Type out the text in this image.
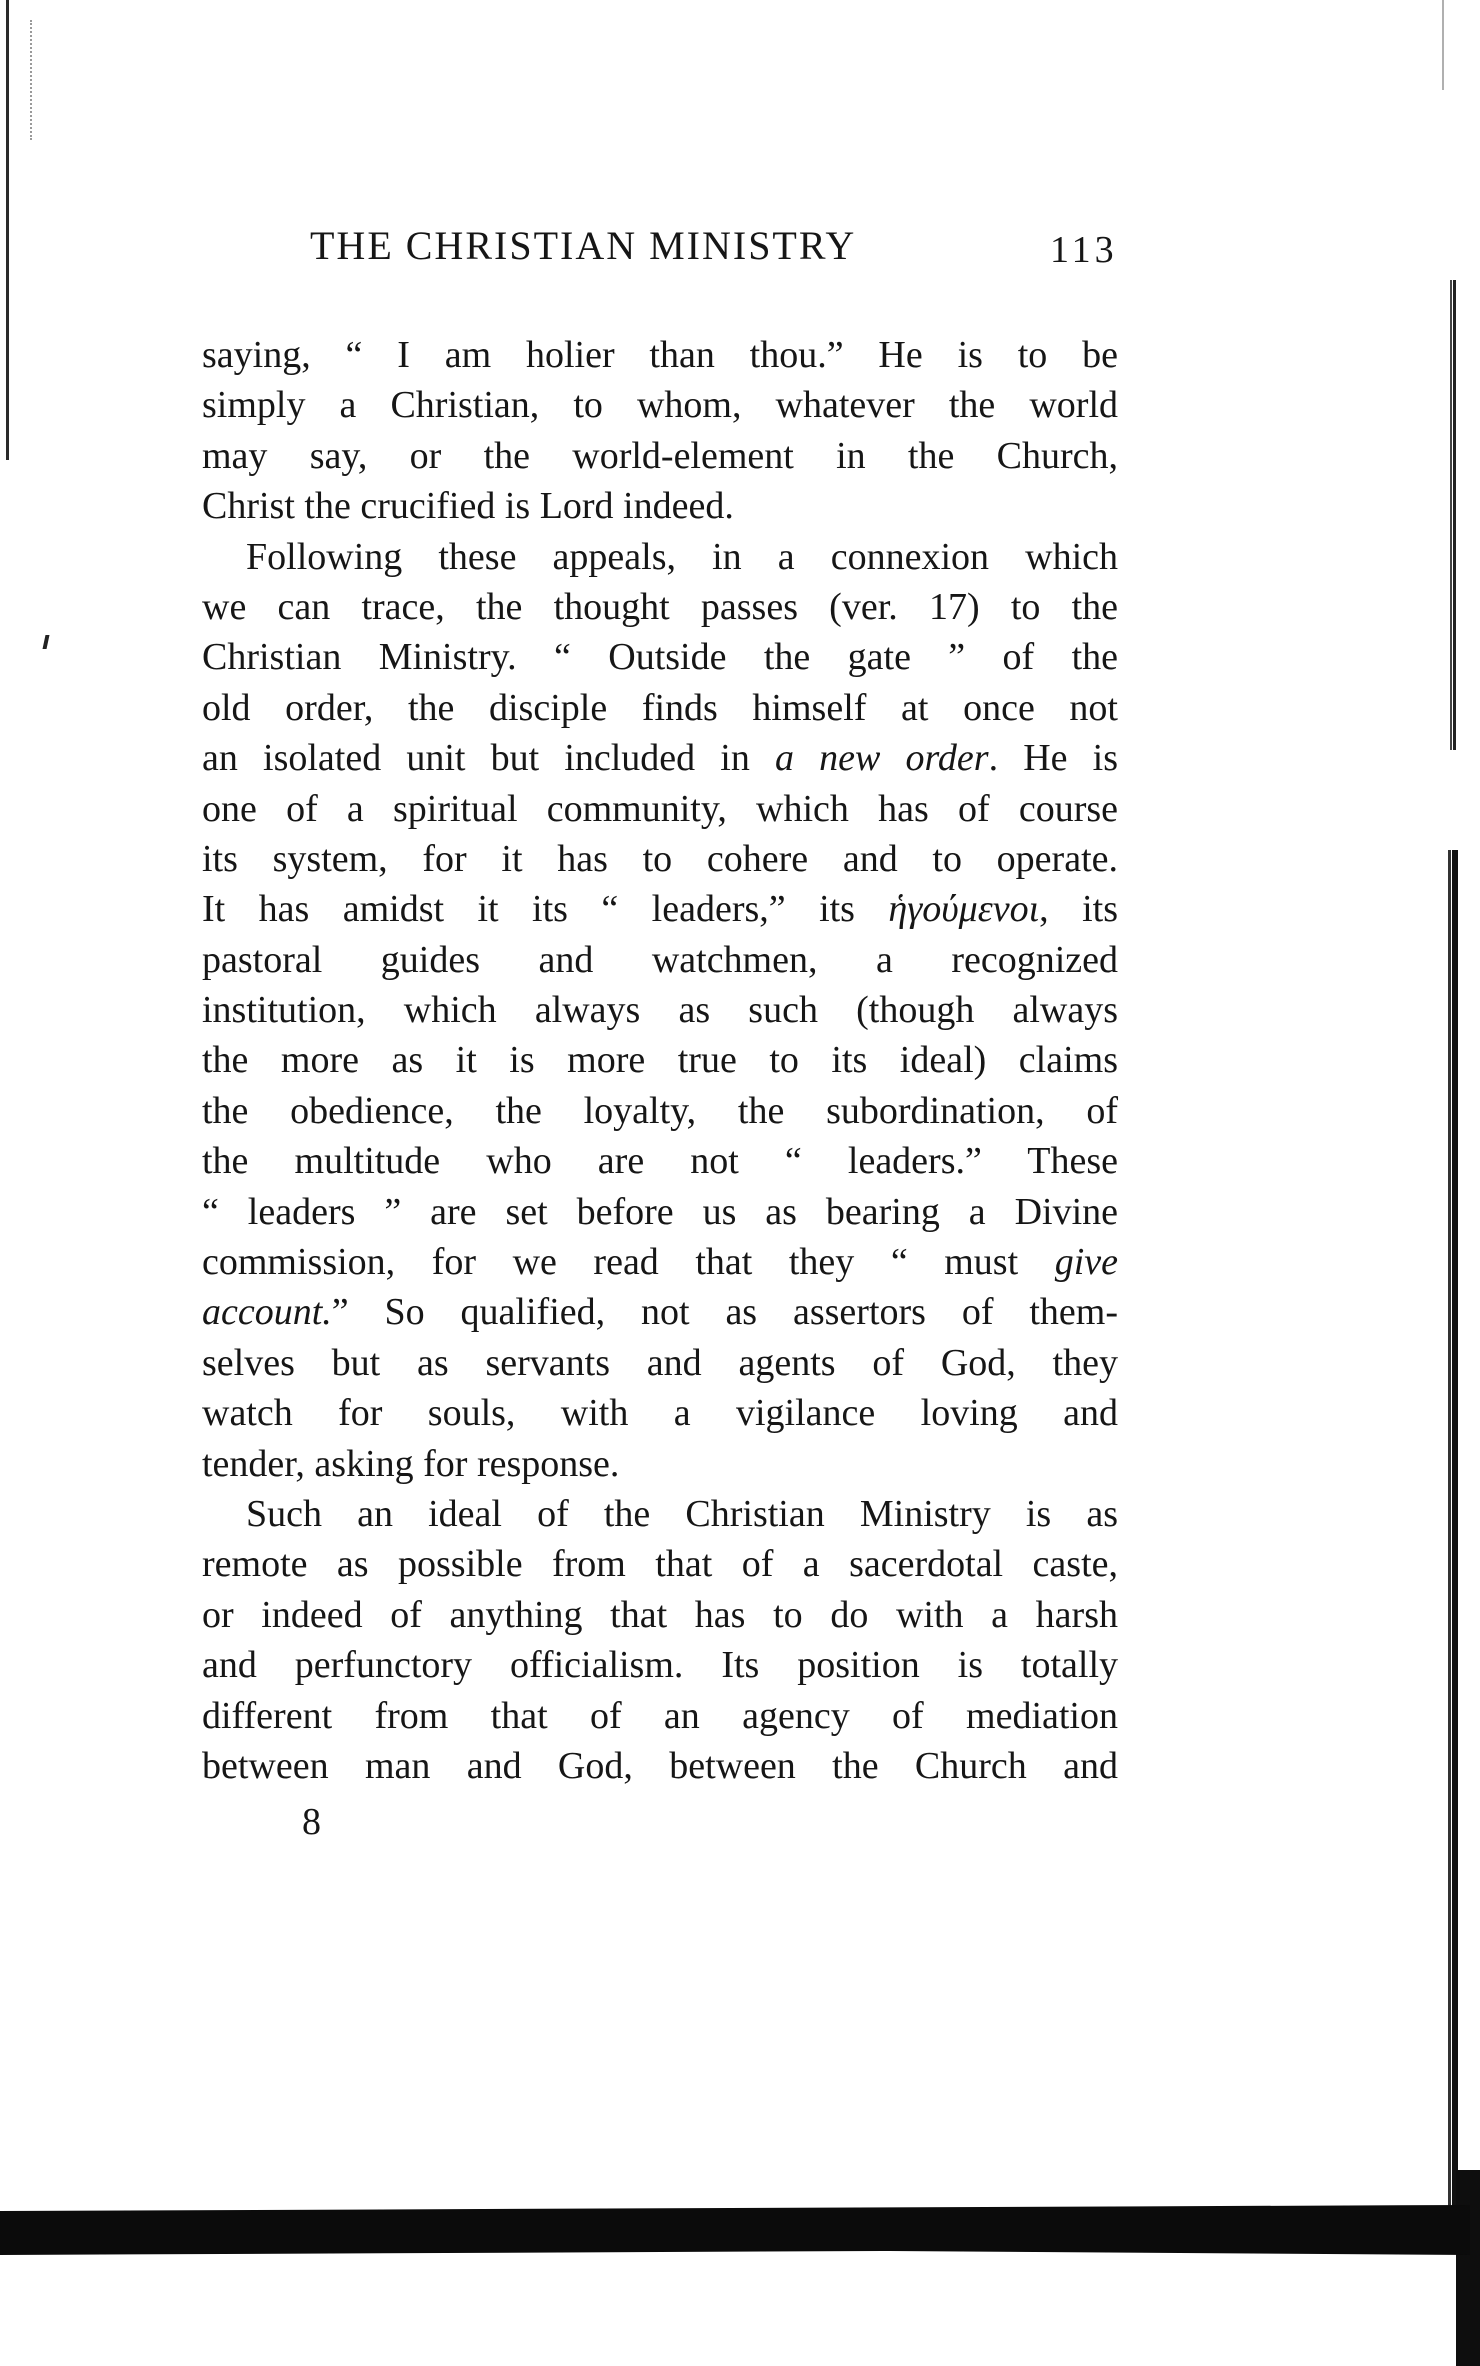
THE CHRISTIAN MINISTRY	113
saying, “ I am holier than thou.” He is to be
simply a Christian, to whom, whatever the world
may say, or the world-element in the Church,
Christ the crucified is Lord indeed.
Following these appeals, in a connexion which
we can trace, the thought passes (ver. 17) to the
Christian Ministry. “ Outside the gate ” of the
old order, the disciple finds himself at once not
an isolated unit but included in a new order. He is
one of a spiritual community, which has of course
its system, for it has to cohere and to operate.
It has amidst it its “ leaders,” its ἡγούμενοι, its
pastoral guides and watchmen, a recognized
institution, which always as such (though always
the more as it is more true to its ideal) claims
the obedience, the loyalty, the subordination, of
the multitude who are not “ leaders.” These
“ leaders ” are set before us as bearing a Divine
commission, for we read that they “ must give
account.” So qualified, not as assertors of them-
selves but as servants and agents of God, they
watch for souls, with a vigilance loving and
tender, asking for response.
Such an ideal of the Christian Ministry is as
remote as possible from that of a sacerdotal caste,
or indeed of anything that has to do with a harsh
and perfunctory officialism. Its position is totally
different from that of an agency of mediation
between man and God, between the Church and
8
